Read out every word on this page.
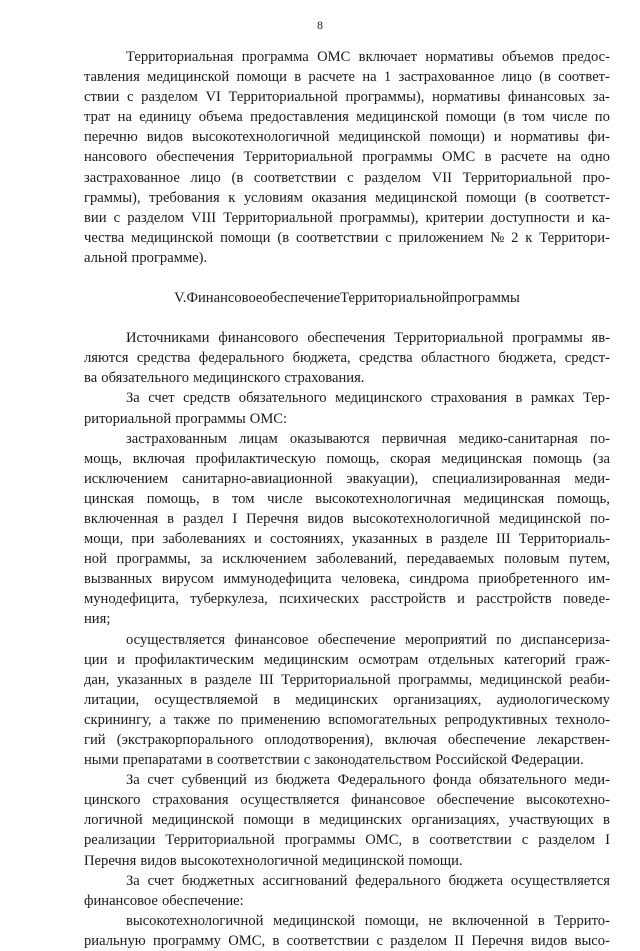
8
Территориальная программа ОМС включает нормативы объемов предос-
тавления медицинской помощи в расчете на 1 застрахованное лицо (в соответ-
ствии с разделом VI Территориальной программы), нормативы финансовых за-
трат на единицу объема предоставления медицинской помощи (в том числе по
перечню видов высокотехнологичной медицинской помощи) и нормативы фи-
нансового обеспечения Территориальной программы ОМС в расчете на одно
застрахованное лицо (в соответствии с разделом VII Территориальной про-
граммы), требования к условиям оказания медицинской помощи (в соответст-
вии с разделом VIII Территориальной программы), критерии доступности и ка-
чества медицинской помощи (в соответствии с приложением № 2 к Территори-
альной программе).
V. Финансовое обеспечение Территориальной программы
Источниками финансового обеспечения Территориальной программы яв-
ляются средства федерального бюджета, средства областного бюджета, средст-
ва обязательного медицинского страхования.
За счет средств обязательного медицинского страхования в рамках Тер-
риториальной программы ОМС:
застрахованным лицам оказываются первичная медико-санитарная по-
мощь, включая профилактическую помощь, скорая медицинская помощь (за
исключением санитарно-авиационной эвакуации), специализированная меди-
цинская помощь, в том числе высокотехнологичная медицинская помощь,
включенная в раздел I Перечня видов высокотехнологичной медицинской по-
мощи, при заболеваниях и состояниях, указанных в разделе III Территориаль-
ной программы, за исключением заболеваний, передаваемых половым путем,
вызванных вирусом иммунодефицита человека, синдрома приобретенного им-
мунодефицита, туберкулеза, психических расстройств и расстройств поведе-
ния;
осуществляется финансовое обеспечение мероприятий по диспансериза-
ции и профилактическим медицинским осмотрам отдельных категорий граж-
дан, указанных в разделе III Территориальной программы, медицинской реаби-
литации, осуществляемой в медицинских организациях, аудиологическому
скринингу, а также по применению вспомогательных репродуктивных техноло-
гий (экстракорпорального оплодотворения), включая обеспечение лекарствен-
ными препаратами в соответствии с законодательством Российской Федерации.
За счет субвенций из бюджета Федерального фонда обязательного меди-
цинского страхования осуществляется финансовое обеспечение высокотехно-
логичной медицинской помощи в медицинских организациях, участвующих в
реализации Территориальной программы ОМС, в соответствии с разделом I
Перечня видов высокотехнологичной медицинской помощи.
За счет бюджетных ассигнований федерального бюджета осуществляется
финансовое обеспечение:
высокотехнологичной медицинской помощи, не включенной в Террито-
риальную программу ОМС, в соответствии с разделом II Перечня видов высо-
